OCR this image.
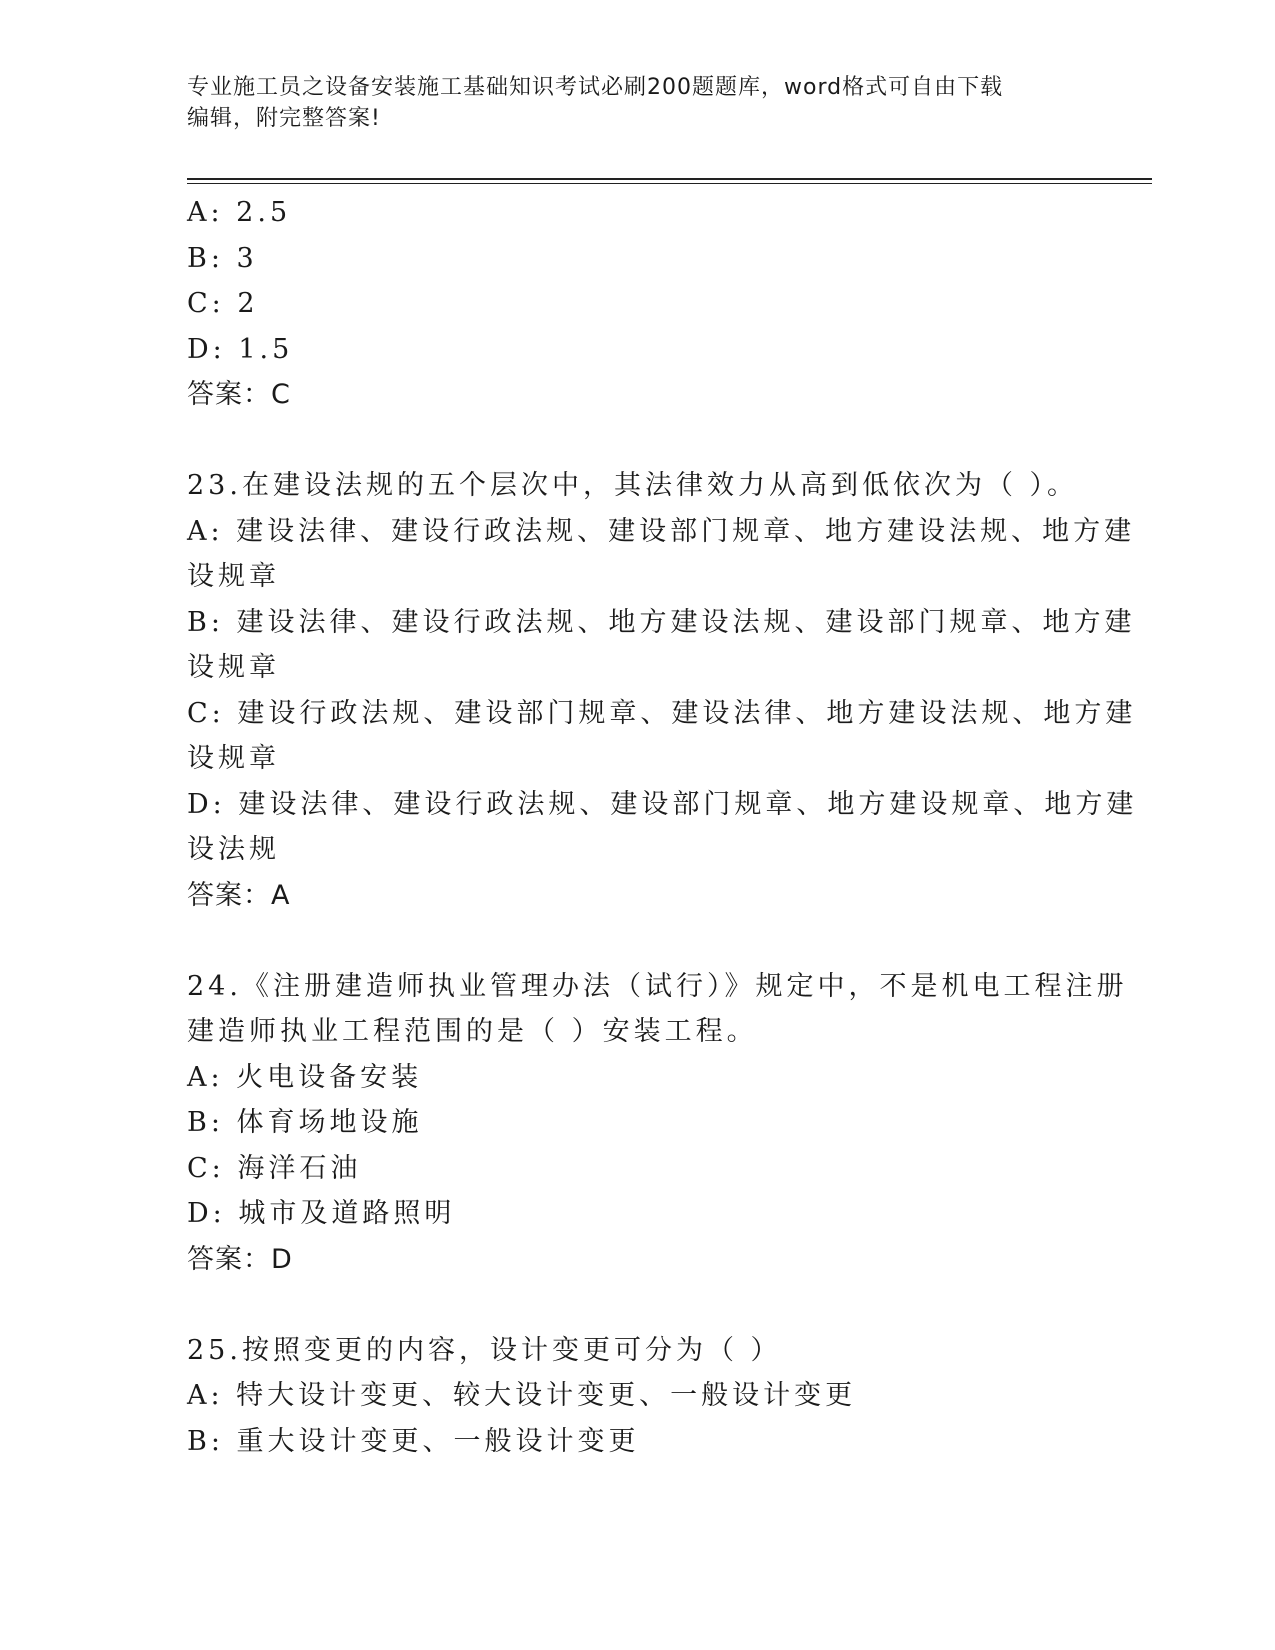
专业施工员之设备安装施工基础知识考试必刷200题题库，word格式可自由下载
编辑，附完整答案!
A: 2.5
B: 3
C: 2
D: 1.5
答案：C
23.在建设法规的五个层次中，其法律效力从高到低依次为（ ）。
A: 建设法律、建设行政法规、建设部门规章、地方建设法规、地方建
设规章
B: 建设法律、建设行政法规、地方建设法规、建设部门规章、地方建
设规章
C: 建设行政法规、建设部门规章、建设法律、地方建设法规、地方建
设规章
D: 建设法律、建设行政法规、建设部门规章、地方建设规章、地方建
设法规
答案：A
24.《注册建造师执业管理办法（试行）》规定中，不是机电工程注册
建造师执业工程范围的是（ ）安装工程。
A: 火电设备安装
B: 体育场地设施
C: 海洋石油
D: 城市及道路照明
答案：D
25.按照变更的内容，设计变更可分为（ ）
A: 特大设计变更、较大设计变更、一般设计变更
B: 重大设计变更、一般设计变更
